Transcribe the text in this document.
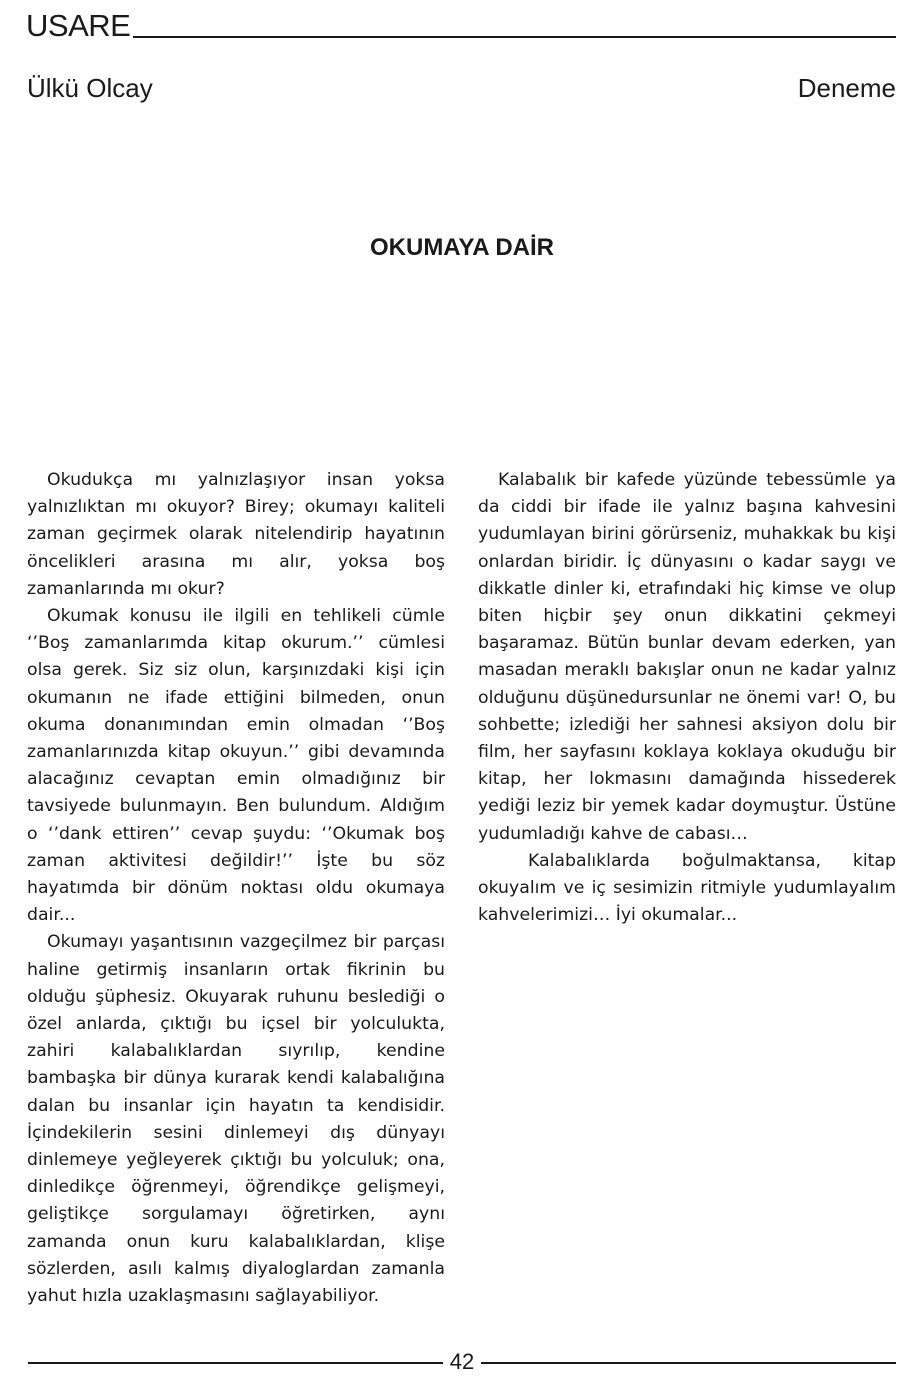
USARE
Ülkü Olcay	Deneme
OKUMAYA DAİR

Okudukça mı yalnızlaşıyor insan yoksa yalnızlıktan mı okuyor? Birey; okumayı kaliteli zaman geçirmek olarak nitelendirip hayatının öncelikleri arasına mı alır, yoksa boş zamanlarında mı okur?

Okumak konusu ile ilgili en tehlikeli cümle ‘’Boş zamanlarımda kitap okurum.’’ cümlesi olsa gerek. Siz siz olun, karşınızdaki kişi için okumanın ne ifade ettiğini bilmeden, onun okuma donanımından emin olmadan ‘’Boş zamanlarınızda kitap okuyun.’’ gibi devamında alacağınız cevaptan emin olmadığınız bir tavsiyede bulunmayın. Ben bulundum. Aldığım o ‘’dank ettiren’’ cevap şuydu: ‘’Okumak boş zaman aktivitesi değildir!’’ İşte bu söz hayatımda bir dönüm noktası oldu okumaya dair...

Okumayı yaşantısının vazgeçilmez bir parçası haline getirmiş insanların ortak fikrinin bu olduğu şüphesiz. Okuyarak ruhunu beslediği o özel anlarda, çıktığı bu içsel bir yolculukta, zahiri kalabalıklardan sıyrılıp, kendine bambaşka bir dünya kurarak kendi kalabalığına dalan bu insanlar için hayatın ta kendisidir. İçindekilerin sesini dinlemeyi dış dünyayı dinlemeye yeğleyerek çıktığı bu yolculuk; ona, dinledikçe öğrenmeyi, öğrendikçe gelişmeyi, geliştikçe sorgulamayı öğretirken, aynı zamanda onun kuru kalabalıklardan, klişe sözlerden, asılı kalmış diyaloglardan zamanla yahut hızla uzaklaşmasını sağlayabiliyor.

Kalabalık bir kafede yüzünde tebessümle ya da ciddi bir ifade ile yalnız başına kahvesini yudumlayan birini görürseniz, muhakkak bu kişi onlardan biridir. İç dünyasını o kadar saygı ve dikkatle dinler ki, etrafındaki hiç kimse ve olup biten hiçbir şey onun dikkatini çekmeyi başaramaz. Bütün bunlar devam ederken, yan masadan meraklı bakışlar onun ne kadar yalnız olduğunu düşünedursunlar ne önemi var! O, bu sohbette; izlediği her sahnesi aksiyon dolu bir film, her sayfasını koklaya koklaya okuduğu bir kitap, her lokmasını damağında hissederek yediği leziz bir yemek kadar doymuştur. Üstüne yudumladığı kahve de cabası…

Kalabalıklarda boğulmaktansa, kitap okuyalım ve iç sesimizin ritmiyle yudumlayalım kahvelerimizi… İyi okumalar...

42
